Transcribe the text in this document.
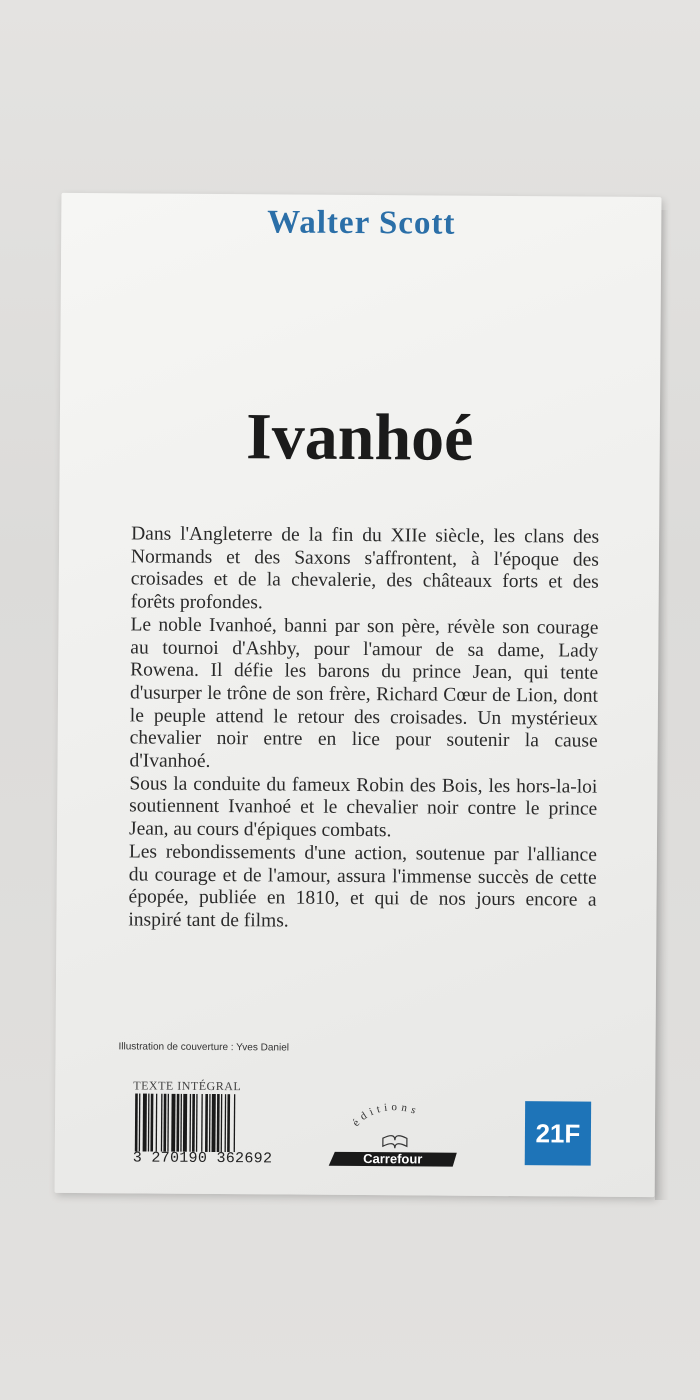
Walter Scott
Ivanhoé

Dans l'Angleterre de la fin du XIIe siècle, les clans des Normands et des Saxons s'affrontent, à l'époque des croisades et de la chevalerie, des châteaux forts et des forêts profondes.

Le noble Ivanhoé, banni par son père, révèle son courage au tournoi d'Ashby, pour l'amour de sa dame, Lady Rowena. Il défie les barons du prince Jean, qui tente d'usurper le trône de son frère, Richard Cœur de Lion, dont le peuple attend le retour des croisades. Un mystérieux chevalier noir entre en lice pour soutenir la cause d'Ivanhoé.

Sous la conduite du fameux Robin des Bois, les hors-la-loi soutiennent Ivanhoé et le chevalier noir contre le prince Jean, au cours d'épiques combats.

Les rebondissements d'une action, soutenue par l'alliance du courage et de l'amour, assura l'immense succès de cette épopée, publiée en 1810, et qui de nos jours encore a inspiré tant de films.

Illustration de couverture : Yves Daniel
TEXTE INTÉGRAL
3 270190 362692
éditions
Carrefour
21F
